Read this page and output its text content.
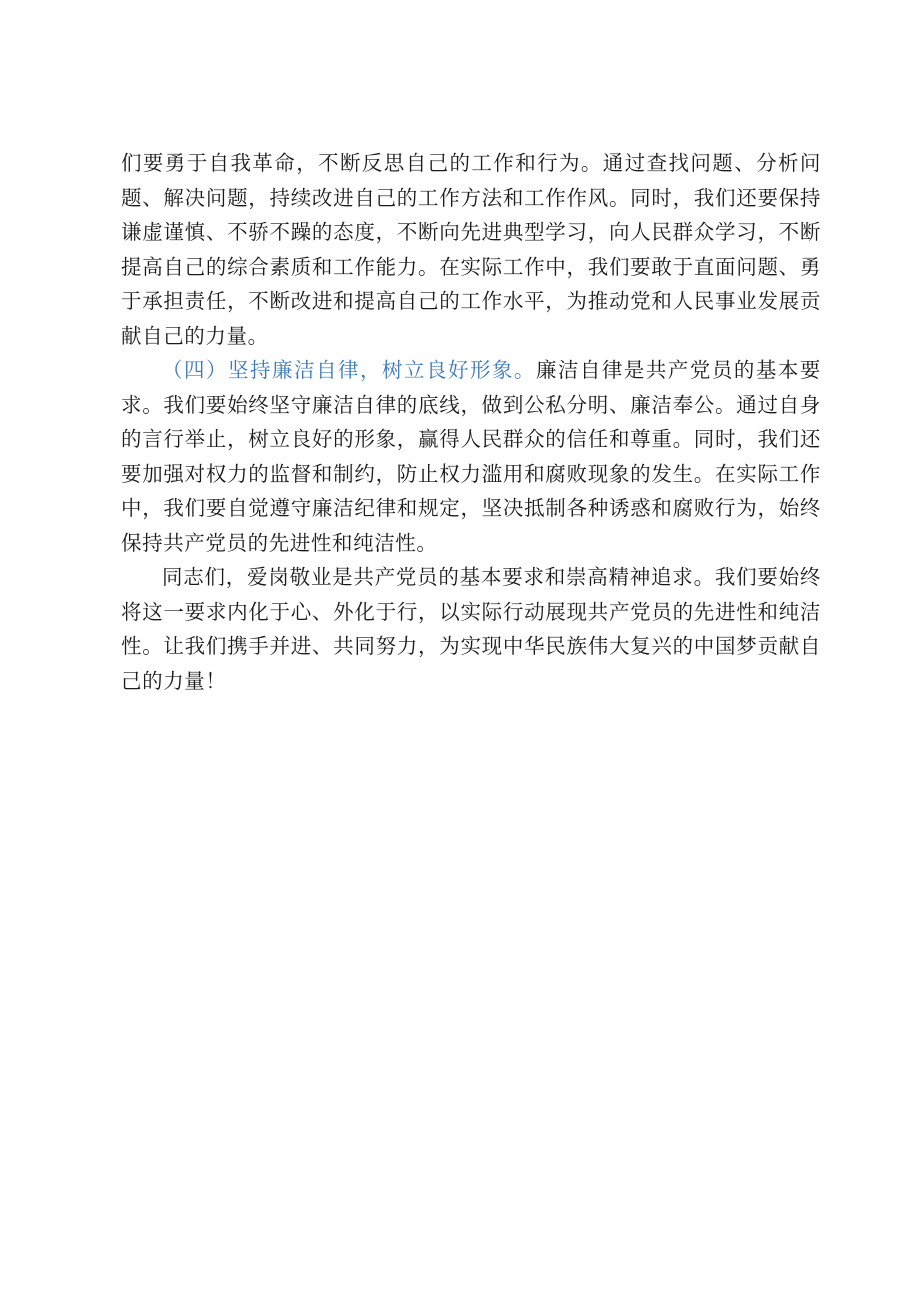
们要勇于自我革命，不断反思自己的工作和行为。通过查找问题、分析问题、解决问题，持续改进自己的工作方法和工作作风。同时，我们还要保持谦虚谨慎、不骄不躁的态度，不断向先进典型学习，向人民群众学习，不断提高自己的综合素质和工作能力。在实际工作中，我们要敢于直面问题、勇于承担责任，不断改进和提高自己的工作水平，为推动党和人民事业发展贡献自己的力量。

（四）坚持廉洁自律，树立良好形象。廉洁自律是共产党员的基本要求。我们要始终坚守廉洁自律的底线，做到公私分明、廉洁奉公。通过自身的言行举止，树立良好的形象，赢得人民群众的信任和尊重。同时，我们还要加强对权力的监督和制约，防止权力滥用和腐败现象的发生。在实际工作中，我们要自觉遵守廉洁纪律和规定，坚决抵制各种诱惑和腐败行为，始终保持共产党员的先进性和纯洁性。

同志们，爱岗敬业是共产党员的基本要求和崇高精神追求。我们要始终将这一要求内化于心、外化于行，以实际行动展现共产党员的先进性和纯洁性。让我们携手并进、共同努力，为实现中华民族伟大复兴的中国梦贡献自己的力量！
